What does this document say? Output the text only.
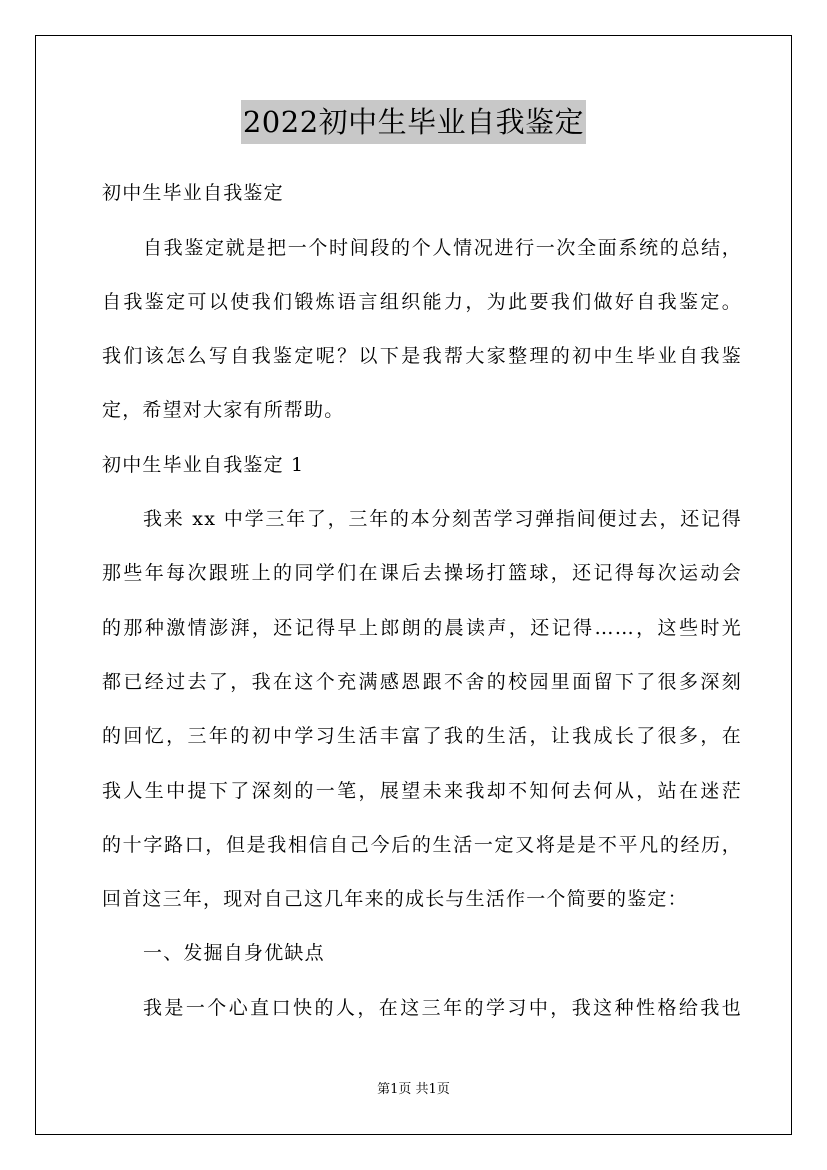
2022初中生毕业自我鉴定
初中生毕业自我鉴定
自我鉴定就是把一个时间段的个人情况进行一次全面系统的总结，
自我鉴定可以使我们锻炼语言组织能力，为此要我们做好自我鉴定。
我们该怎么写自我鉴定呢？以下是我帮大家整理的初中生毕业自我鉴
定，希望对大家有所帮助。
初中生毕业自我鉴定 1
我来 xx 中学三年了，三年的本分刻苦学习弹指间便过去，还记得
那些年每次跟班上的同学们在课后去操场打篮球，还记得每次运动会
的那种激情澎湃，还记得早上郎朗的晨读声，还记得……，这些时光
都已经过去了，我在这个充满感恩跟不舍的校园里面留下了很多深刻
的回忆，三年的初中学习生活丰富了我的生活，让我成长了很多，在
我人生中提下了深刻的一笔，展望未来我却不知何去何从，站在迷茫
的十字路口，但是我相信自己今后的生活一定又将是是不平凡的经历，
回首这三年，现对自己这几年来的成长与生活作一个简要的鉴定：
一、发掘自身优缺点
我是一个心直口快的人，在这三年的学习中，我这种性格给我也
第1页 共1页
